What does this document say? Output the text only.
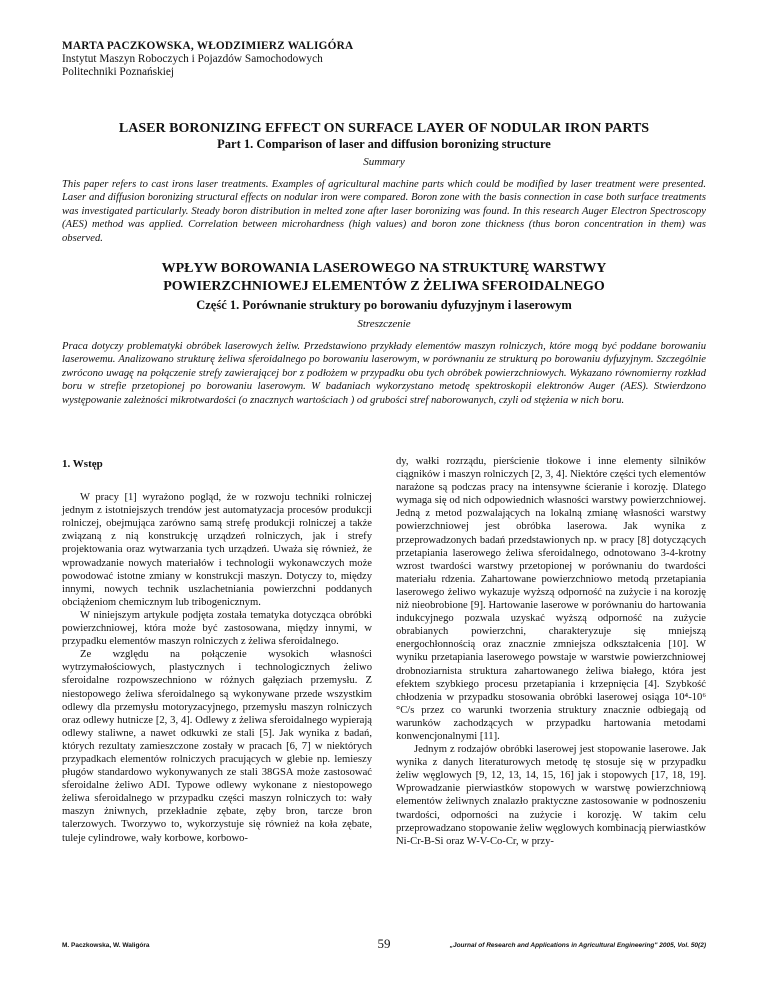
MARTA PACZKOWSKA, WŁODZIMIERZ WALIGÓRA
Instytut Maszyn Roboczych i Pojazdów Samochodowych
Politechniki Poznańskiej
LASER BORONIZING EFFECT ON SURFACE LAYER OF NODULAR IRON PARTS
Part 1. Comparison of laser and diffusion boronizing structure
Summary
This paper refers to cast irons laser treatments. Examples of agricultural machine parts which could be modified by laser treatment were presented. Laser and diffusion boronizing structural effects on nodular iron were compared. Boron zone with the basis connection in case both surface treatments was investigated particularly. Steady boron distribution in melted zone after laser boronizing was found. In this research Auger Electron Spectroscopy (AES) method was applied. Correlation between microhardness (high values) and boron zone thickness (thus boron concentration in them) was observed.
WPŁYW BOROWANIA LASEROWEGO NA STRUKTURĘ WARSTWY
POWIERZCHNIOWEJ ELEMENTÓW Z ŻELIWA SFEROIDALNEGO
Część 1. Porównanie struktury po borowaniu dyfuzyjnym i laserowym
Streszczenie
Praca dotyczy problematyki obróbek laserowych żeliw. Przedstawiono przykłady elementów maszyn rolniczych, które mogą być poddane borowaniu laserowemu. Analizowano strukturę żeliwa sferoidalnego po borowaniu laserowym, w porównaniu ze strukturą po borowaniu dyfuzyjnym. Szczególnie zwrócono uwagę na połączenie strefy zawierającej bor z podłożem w przypadku obu tych obróbek powierzchniowych. Wykazano równomierny rozkład boru w strefie przetopionej po borowaniu laserowym. W badaniach wykorzystano metodę spektroskopii elektronów Auger (AES). Stwierdzono występowanie zależności mikrotwardości (o znacznych wartościach ) od grubości stref naborowanych, czyli od stężenia w nich boru.
1. Wstęp

W pracy [1] wyrażono pogląd, że w rozwoju techniki rolniczej jednym z istotniejszych trendów jest automatyzacja procesów produkcji rolniczej, obejmująca zarówno samą strefę produkcji rolniczej a także związaną z nią konstrukcję urządzeń rolniczych, jak i strefy projektowania oraz wytwarzania tych urządzeń. Uważa się również, że wprowadzanie nowych materiałów i technologii wykonawczych może powodować istotne zmiany w konstrukcji maszyn. Dotyczy to, między innymi, nowych technik uszlachetniania powierzchni poddanych obciążeniom chemicznym lub tribogenicznym.

W niniejszym artykule podjęta została tematyka dotycząca obróbki powierzchniowej, która może być zastosowana, między innymi, w przypadku elementów maszyn rolniczych z żeliwa sferoidalnego.

Ze względu na połączenie wysokich własności wytrzymałościowych, plastycznych i technologicznych żeliwo sferoidalne rozpowszechniono w różnych gałęziach przemysłu. Z niestopowego żeliwa sferoidalnego są wykonywane przede wszystkim odlewy dla przemysłu motoryzacyjnego, przemysłu maszyn rolniczych oraz odlewy hutnicze [2, 3, 4]. Odlewy z żeliwa sferoidalnego wypierają odlewy staliwne, a nawet odkuwki ze stali [5]. Jak wynika z badań, których rezultaty zamieszczone zostały w pracach [6, 7] w niektórych przypadkach elementów rolniczych pracujących w glebie np. lemieszy pługów standardowo wykonywanych ze stali 38GSA może zastosować sferoidalne żeliwo ADI. Typowe odlewy wykonane z niestopowego żeliwa sferoidalnego w przypadku części maszyn rolniczych to: wały maszyn żniwnych, przekładnie zębate, zęby bron, tarcze bron talerzowych. Tworzywo to, wykorzystuje się również na koła zębate, tuleje cylindrowe, wały korbowe, korbowo-

dy, wałki rozrządu, pierścienie tłokowe i inne elementy silników ciągników i maszyn rolniczych [2, 3, 4]. Niektóre części tych elementów narażone są podczas pracy na intensywne ścieranie i korozję. Dlatego wymaga się od nich odpowiednich własności warstwy powierzchniowej. Jedną z metod pozwalających na lokalną zmianę własności warstwy powierzchniowej jest obróbka laserowa. Jak wynika z przeprowadzonych badań przedstawionych np. w pracy [8] dotyczących przetapiania laserowego żeliwa sferoidalnego, odnotowano 3-4-krotny wzrost twardości warstwy przetopionej w porównaniu do twardości materiału rdzenia. Zahartowane powierzchniowo metodą przetapiania laserowego żeliwo wykazuje wyższą odporność na zużycie i na korozję niż nieobrobione [9]. Hartowanie laserowe w porównaniu do hartowania indukcyjnego pozwala uzyskać wyższą odporność na zużycie obrabianych powierzchni, charakteryzuje się mniejszą energochłonnością oraz znacznie zmniejsza odkształcenia [10]. W wyniku przetapiania laserowego powstaje w warstwie powierzchniowej drobnoziarnista struktura zahartowanego żeliwa białego, która jest efektem szybkiego procesu przetapiania i krzepnięcia [4]. Szybkość chłodzenia w przypadku stosowania obróbki laserowej osiąga 10⁴-10⁶ °C/s przez co warunki tworzenia struktury znacznie odbiegają od warunków zachodzących w przypadku hartowania metodami konwencjonalnymi [11].

Jednym z rodzajów obróbki laserowej jest stopowanie laserowe. Jak wynika z danych literaturowych metodę tę stosuje się w przypadku żeliw węglowych [9, 12, 13, 14, 15, 16] jak i stopowych [17, 18, 19]. Wprowadzanie pierwiastków stopowych w warstwę powierzchniową elementów żeliwnych znalazło praktyczne zastosowanie w podnoszeniu twardości, odporności na zużycie i korozję. W takim celu przeprowadzano stopowanie żeliw węglowych kombinacją pierwiastków Ni-Cr-B-Si oraz W-V-Co-Cr, w przy-

M. Paczkowska, W. Waligóra	59	„Journal of Research and Applications in Agricultural Engineering" 2005, Vol. 50(2)
